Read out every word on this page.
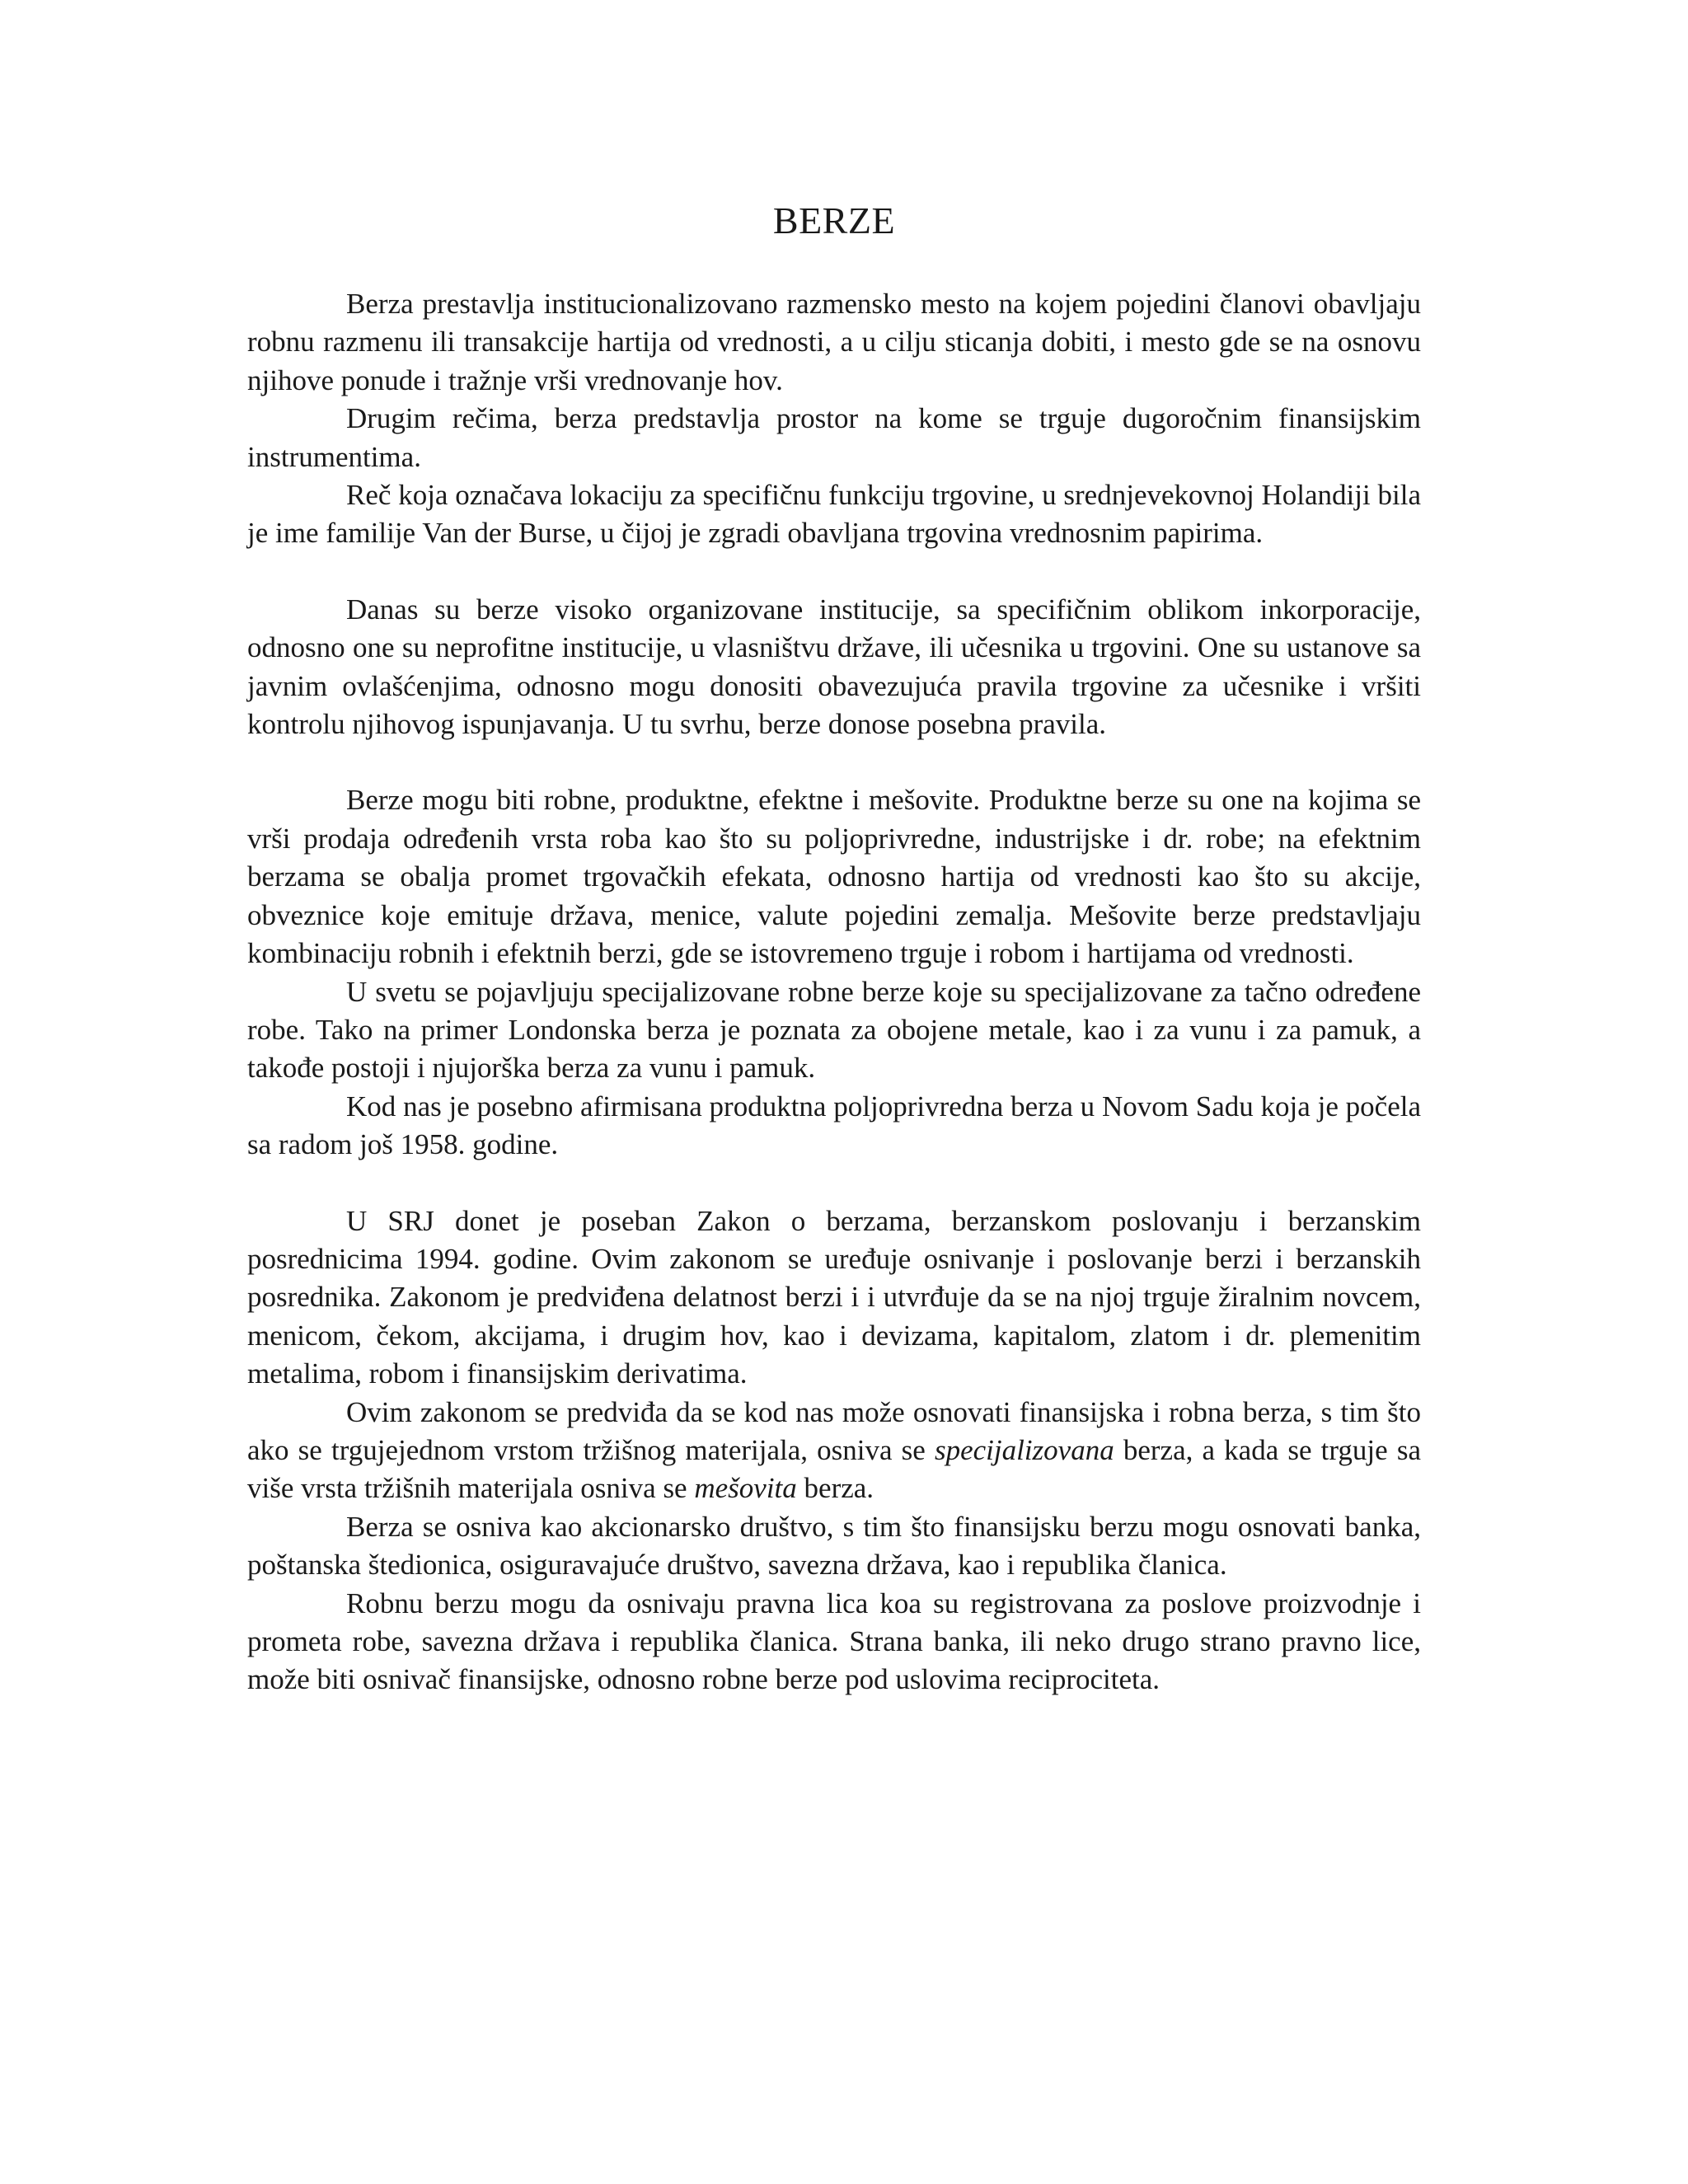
BERZE

Berza prestavlja institucionalizovano razmensko mesto na kojem pojedini članovi obavljaju robnu razmenu ili transakcije hartija od vrednosti, a u cilju sticanja dobiti, i mesto gde se na osnovu njihove ponude i tražnje vrši vrednovanje hov.

Drugim rečima, berza predstavlja prostor na kome se trguje dugoročnim finansijskim instrumentima.

Reč koja označava lokaciju za specifičnu funkciju trgovine, u srednjevekovnoj Holandiji bila je ime familije Van der Burse, u čijoj je zgradi obavljana trgovina vrednosnim papirima.

Danas su berze visoko organizovane institucije, sa specifičnim oblikom inkorporacije, odnosno one su neprofitne institucije, u vlasništvu države, ili učesnika u trgovini. One su ustanove sa javnim ovlašćenjima, odnosno mogu donositi obavezujuća pravila trgovine za učesnike i vršiti kontrolu njihovog ispunjavanja. U tu svrhu, berze donose posebna pravila.

Berze mogu biti robne, produktne, efektne i mešovite. Produktne berze su one na kojima se vrši prodaja određenih vrsta roba kao što su poljoprivredne, industrijske i dr. robe; na efektnim berzama se obalja promet trgovačkih efekata, odnosno hartija od vrednosti kao što su akcije, obveznice koje emituje država, menice, valute pojedini zemalja. Mešovite berze predstavljaju kombinaciju robnih i efektnih berzi, gde se istovremeno trguje i robom i hartijama od vrednosti.

U svetu se pojavljuju specijalizovane robne berze koje su specijalizovane za tačno određene robe. Tako na primer Londonska berza je poznata za obojene metale, kao i za vunu i za pamuk, a takođe postoji i njujorška berza za vunu i pamuk.

Kod nas je posebno afirmisana produktna poljoprivredna berza u Novom Sadu koja je počela sa radom još 1958. godine.

U SRJ donet je poseban Zakon o berzama, berzanskom poslovanju i berzanskim posrednicima 1994. godine. Ovim zakonom se uređuje osnivanje i poslovanje berzi i berzanskih posrednika. Zakonom je predviđena delatnost berzi i i utvrđuje da se na njoj trguje žiralnim novcem, menicom, čekom, akcijama, i drugim hov, kao i devizama, kapitalom, zlatom i dr. plemenitim metalima, robom i finansijskim derivatima.

Ovim zakonom se predviđa da se kod nas može osnovati finansijska i robna berza, s tim što ako se trgujejednom vrstom tržišnog materijala, osniva se specijalizovana berza, a kada se trguje sa više vrsta tržišnih materijala osniva se mešovita berza.

Berza se osniva kao akcionarsko društvo, s tim što finansijsku berzu mogu osnovati banka, poštanska štedionica, osiguravajuće društvo, savezna država, kao i republika članica.

Robnu berzu mogu da osnivaju pravna lica koa su registrovana za poslove proizvodnje i prometa robe, savezna država i republika članica. Strana banka, ili neko drugo strano pravno lice, može biti osnivač finansijske, odnosno robne berze pod uslovima reciprociteta.
